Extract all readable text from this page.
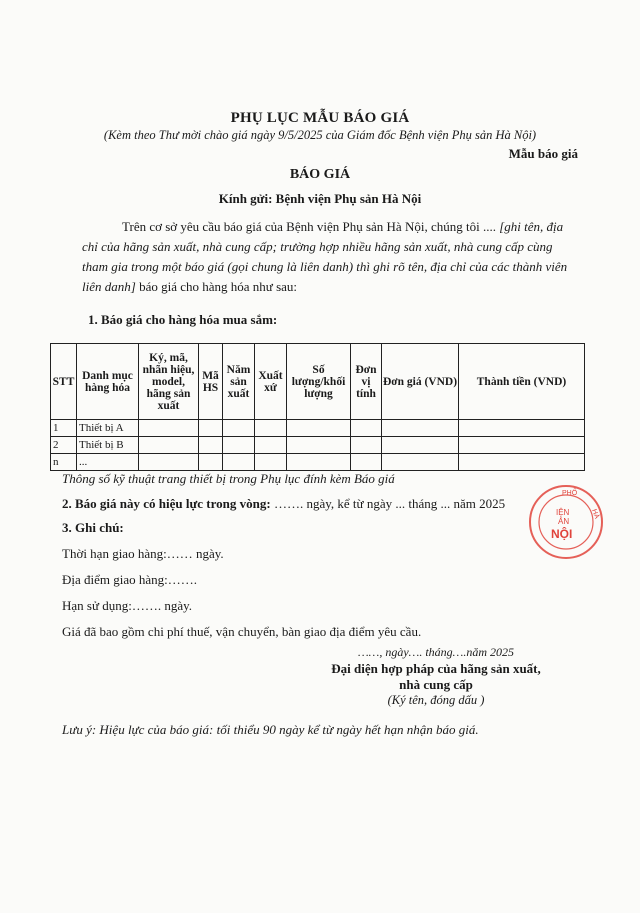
PHỤ LỤC MẪU BÁO GIÁ
(Kèm theo Thư mời chào giá ngày 9/5/2025 của Giám đốc Bệnh viện Phụ sản Hà Nội)
Mẫu báo giá
BÁO GIÁ
Kính gửi: Bệnh viện Phụ sản Hà Nội
Trên cơ sở yêu cầu báo giá của Bệnh viện Phụ sản Hà Nội, chúng tôi .... [ghi tên, địa chỉ của hãng sản xuất, nhà cung cấp; trường hợp nhiều hãng sản xuất, nhà cung cấp cùng tham gia trong một báo giá (gọi chung là liên danh) thì ghi rõ tên, địa chỉ của các thành viên liên danh] báo giá cho hàng hóa như sau:
1. Báo giá cho hàng hóa mua sắm:
STT	Danh mục hàng hóa	Ký, mã, nhãn hiệu, model, hãng sản xuất	Mã HS	Năm sản xuất	Xuất xứ	Số lượng/khối lượng	Đơn vị tính	Đơn giá (VND)	Thành tiền (VND)
1	Thiết bị A								
2	Thiết bị B								
n	...								
Thông số kỹ thuật trang thiết bị trong Phụ lục đính kèm Báo giá
2. Báo giá này có hiệu lực trong vòng: ……. ngày, kể từ ngày ... tháng ... năm 2025
3. Ghi chú:
Thời hạn giao hàng:…… ngày.
Địa điểm giao hàng:…….
Hạn sử dụng:……. ngày.
Giá đã bao gồm chi phí thuế, vận chuyển, bàn giao địa điểm yêu cầu.
……, ngày…. tháng….năm 2025
Đại diện hợp pháp của hãng sản xuất,
nhà cung cấp
(Ký tên, đóng dấu )
Lưu ý: Hiệu lực của báo giá: tối thiểu 90 ngày kể từ ngày hết hạn nhận báo giá.
PHỐ
HÀ
IỆN
ẢN
NỘI
